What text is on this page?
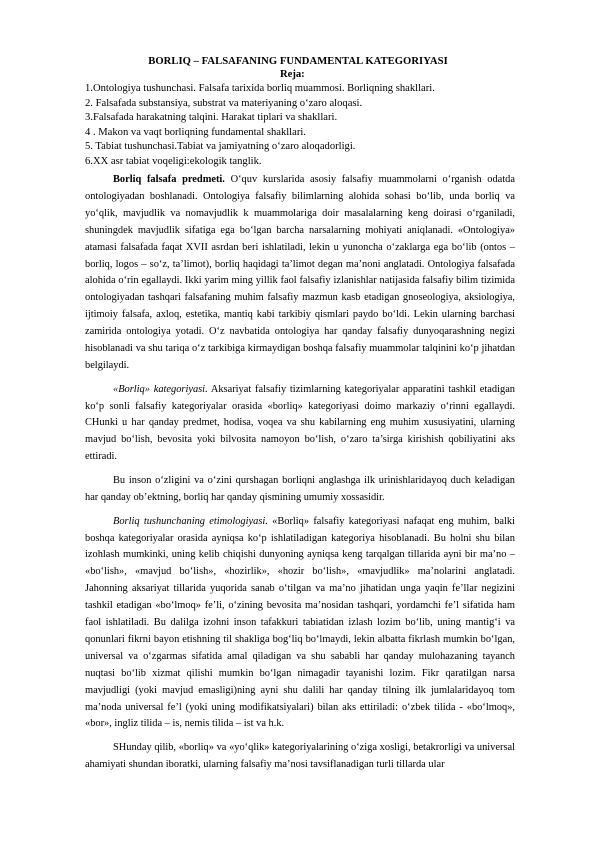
BORLIQ – FALSAFANING FUNDAMENTAL KATEGORIYASI
Reja:
1.Ontologiya tushunchasi. Falsafa tarixida borliq muammosi. Borliqning shakllari.
2. Falsafada substansiya, substrat va materiyaning o‘zaro aloqasi.
3.Falsafada harakatning talqini. Harakat tiplari va shakllari.
4 . Makon va vaqt borliqning fundamental shakllari.
5. Tabiat tushunchasi.Tabiat va jamiyatning o‘zaro aloqadorligi.
6.XX asr tabiat voqeligi:ekologik tanglik.

Borliq falsafa predmeti. O‘quv kurslarida asosiy falsafiy muammolarni o‘rganish odatda ontologiyadan boshlanadi. Ontologiya falsafiy bilimlarning alohida sohasi bo‘lib, unda borliq va yo‘qlik, mavjudlik va nomavjudlik k muammolariga doir masalalarning keng doirasi o‘rganiladi, shuningdek mavjudlik sifatiga ega bo‘lgan barcha narsalarning mohiyati aniqlanadi. «Ontologiya» atamasi falsafada faqat XVII asrdan beri ishlatiladi, lekin u yunoncha o‘zaklarga ega bo‘lib (ontos – borliq, logos – so‘z, ta’limot), borliq haqidagi ta’limot degan ma’noni anglatadi. Ontologiya falsafada alohida o‘rin egallaydi. Ikki yarim ming yillik faol falsafiy izlanishlar natijasida falsafiy bilim tizimida ontologiyadan tashqari falsafaning muhim falsafiy mazmun kasb etadigan gnoseologiya, aksiologiya, ijtimoiy falsafa, axloq, estetika, mantiq kabi tarkibiy qismlari paydo bo‘ldi. Lekin ularning barchasi zamirida ontologiya yotadi. O‘z navbatida ontologiya har qanday falsafiy dunyoqarashning negizi hisoblanadi va shu tariqa o‘z tarkibiga kirmaydigan boshqa falsafiy muammolar talqinini ko‘p jihatdan belgilaydi.

«Borliq» kategoriyasi. Aksariyat falsafiy tizimlarning kategoriyalar apparatini tashkil etadigan ko‘p sonli falsafiy kategoriyalar orasida «borliq» kategoriyasi doimo markaziy o‘rinni egallaydi. CHunki u har qanday predmet, hodisa, voqea va shu kabilarning eng muhim xususiyatini, ularning mavjud bo‘lish, bevosita yoki bilvosita namoyon bo‘lish, o‘zaro ta’sirga kirishish qobiliyatini aks ettiradi.

Bu inson o‘zligini va o‘zini qurshagan borliqni anglashga ilk urinishlaridayoq duch keladigan har qanday ob’ektning, borliq har qanday qismining umumiy xossasidir.

Borliq tushunchaning etimologiyasi. «Borliq» falsafiy kategoriyasi nafaqat eng muhim, balki boshqa kategoriyalar orasida ayniqsa ko‘p ishlatiladigan kategoriya hisoblanadi. Bu holni shu bilan izohlash mumkinki, uning kelib chiqishi dunyoning ayniqsa keng tarqalgan tillarida ayni bir ma’no – «bo‘lish», «mavjud bo‘lish», «hozirlik», «hozir bo‘lish», «mavjudlik» ma’nolarini anglatadi. Jahonning aksariyat tillarida yuqorida sanab o‘tilgan va ma’no jihatidan unga yaqin fe’llar negizini tashkil etadigan «bo‘lmoq» fe’li, o‘zining bevosita ma’nosidan tashqari, yordamchi fe’l sifatida ham faol ishlatiladi. Bu dalilga izohni inson tafakkuri tabiatidan izlash lozim bo‘lib, uning mantig‘i va qonunlari fikrni bayon etishning til shakliga bog‘liq bo‘lmaydi, lekin albatta fikrlash mumkin bo‘lgan, universal va o‘zgarmas sifatida amal qiladigan va shu sababli har qanday mulohazaning tayanch nuqtasi bo‘lib xizmat qilishi mumkin bo‘lgan nimagadir tayanishi lozim. Fikr qaratilgan narsa mavjudligi (yoki mavjud emasligi)ning ayni shu dalili har qanday tilning ilk jumlalaridayoq tom ma’noda universal fe’l (yoki uning modifikatsiyalari) bilan aks ettiriladi: o‘zbek tilida - «bo‘lmoq», «bor», ingliz tilida – is, nemis tilida – ist va h.k.

SHunday qilib, «borliq» va «yo‘qlik» kategoriyalarining o‘ziga xosligi, betakrorligi va universal ahamiyati shundan iboratki, ularning falsafiy ma’nosi tavsiflanadigan turli tillarda ular
